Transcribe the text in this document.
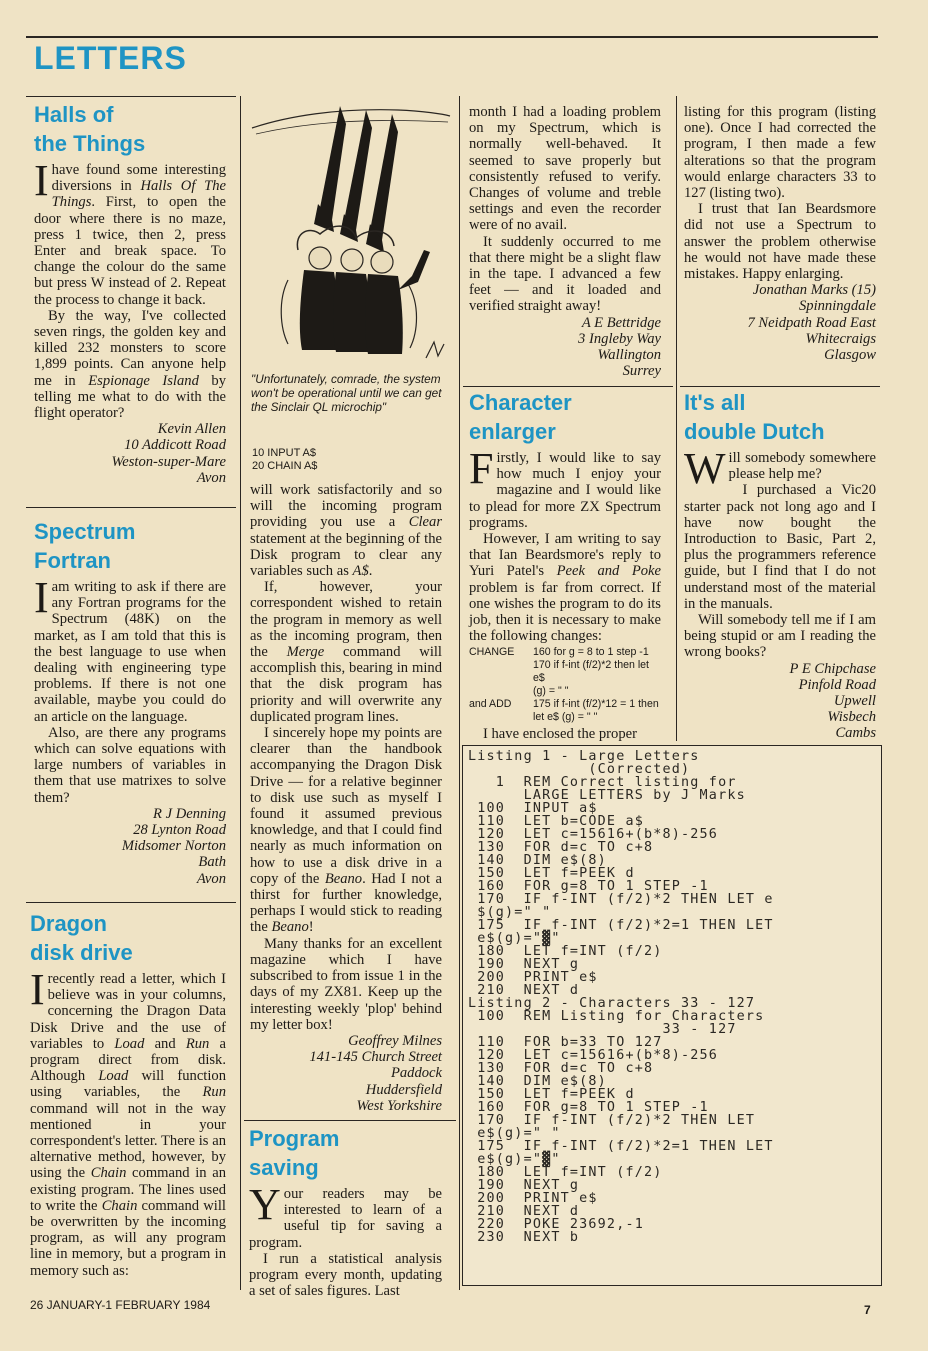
LETTERS
Halls of
the Things

Ihave found some interesting diversions in Halls Of The Things. First, to open the door where there is no maze, press 1 twice, then 2, press Enter and break space. To change the colour do the same but press W instead of 2. Repeat the process to change it back.

By the way, I've collected seven rings, the golden key and killed 232 monsters to score 1,899 points. Can anyone help me in Espionage Island by telling me what to do with the flight operator?

Kevin Allen
10 Addicott Road
Weston-super-Mare
Avon
Spectrum
Fortran

Iam writing to ask if there are any Fortran programs for the Spectrum (48K) on the market, as I am told that this is the best language to use when dealing with engineering type problems. If there is not one available, maybe you could do an article on the language.

Also, are there any programs which can solve equations with large numbers of variables in them that use matrixes to solve them?

R J Denning
28 Lynton Road
Midsomer Norton
Bath
Avon
Dragon
disk drive

Irecently read a letter, which I believe was in your columns, concerning the Dragon Data Disk Drive and the use of variables to Load and Run a program direct from disk. Although Load will function using variables, the Run command will not in the way mentioned in your correspondent's letter. There is an alternative method, however, by using the Chain command in an existing program. The lines used to write the Chain command will be overwritten by the incoming program, as will any program line in memory, but a program in memory such as:

"Unfortunately, comrade, the system won't be operational until we can get the Sinclair QL microchip"
10 INPUT A$
20 CHAIN A$

will work satisfactorily and so will the incoming program providing you use a Clear statement at the beginning of the Disk program to clear any variables such as A$.

If, however, your correspondent wished to retain the program in memory as well as the incoming program, then the Merge command will accomplish this, bearing in mind that the disk program has priority and will overwrite any duplicated program lines.

I sincerely hope my points are clearer than the handbook accompanying the Dragon Disk Drive — for a relative beginner to disk use such as myself I found it assumed previous knowledge, and that I could find nearly as much information on how to use a disk drive in a copy of the Beano. Had I not a thirst for further knowledge, perhaps I would stick to reading the Beano!

Many thanks for an excellent magazine which I have subscribed to from issue 1 in the days of my ZX81. Keep up the interesting weekly 'plop' behind my letter box!

Geoffrey Milnes
141-145 Church Street
Paddock
Huddersfield
West Yorkshire
Program
saving

Your readers may be interested to learn of a useful tip for saving a program.

I run a statistical analysis program every month, updating a set of sales figures. Last

month I had a loading problem on my Spectrum, which is normally well-behaved. It seemed to save properly but consistently refused to verify. Changes of volume and treble settings and even the recorder were of no avail.

It suddenly occurred to me that there might be a slight flaw in the tape. I advanced a few feet — and it loaded and verified straight away!

A E Bettridge
3 Ingleby Way
Wallington
Surrey
Character
enlarger

Firstly, I would like to say how much I enjoy your magazine and I would like to plead for more ZX Spectrum programs.

However, I am writing to say that Ian Beardsmore's reply to Yuri Patel's Peek and Poke problem is far from correct. If one wishes the program to do its job, then it is necessary to make the following changes:

CHANGE	160 for g = 8 to 1 step -1
170 if f-int (f/2)*2 then let e$
(g) = " "
and ADD	175 if f-int (f/2)*12 = 1 then
let e$ (g) = " "

I have enclosed the proper

listing for this program (listing one). Once I had corrected the program, I then made a few alterations so that the program would enlarge characters 33 to 127 (listing two).

I trust that Ian Beardsmore did not use a Spectrum to answer the problem otherwise he would not have made these mistakes. Happy enlarging.

Jonathan Marks (15)
Spinningdale
7 Neidpath Road East
Whitecraigs
Glasgow
It's all
double Dutch

Will somebody somewhere please help me?

I purchased a Vic20 starter pack not long ago and I have now bought the Introduction to Basic, Part 2, plus the programmers reference guide, but I find that I do not understand most of the material in the manuals.

Will somebody tell me if I am being stupid or am I reading the wrong books?

P E Chipchase
Pinfold Road
Upwell
Wisbech
Cambs
Listing 1 - Large Letters
(Corrected)
1  REM Correct listing for
LARGE LETTERS by J Marks
100  INPUT a$
110  LET b=CODE a$
120  LET c=15616+(b*8)-256
130  FOR d=c TO c+8
140  DIM e$(8)
150  LET f=PEEK d
160  FOR g=8 TO 1 STEP -1
170  IF f-INT (f/2)*2 THEN LET e
$(g)=" "
175  IF f-INT (f/2)*2=1 THEN LET
e$(g)="▓"
180  LET f=INT (f/2)
190  NEXT g
200  PRINT e$
210  NEXT d
Listing 2 - Characters 33 - 127
100  REM Listing for Characters
33 - 127
110  FOR b=33 TO 127
120  LET c=15616+(b*8)-256
130  FOR d=c TO c+8
140  DIM e$(8)
150  LET f=PEEK d
160  FOR g=8 TO 1 STEP -1
170  IF f-INT (f/2)*2 THEN LET
e$(g)=" "
175  IF f-INT (f/2)*2=1 THEN LET
e$(g)="▓"
180  LET f=INT (f/2)
190  NEXT g
200  PRINT e$
210  NEXT d
220  POKE 23692,-1
230  NEXT b
26 JANUARY-1 FEBRUARY 1984	7
